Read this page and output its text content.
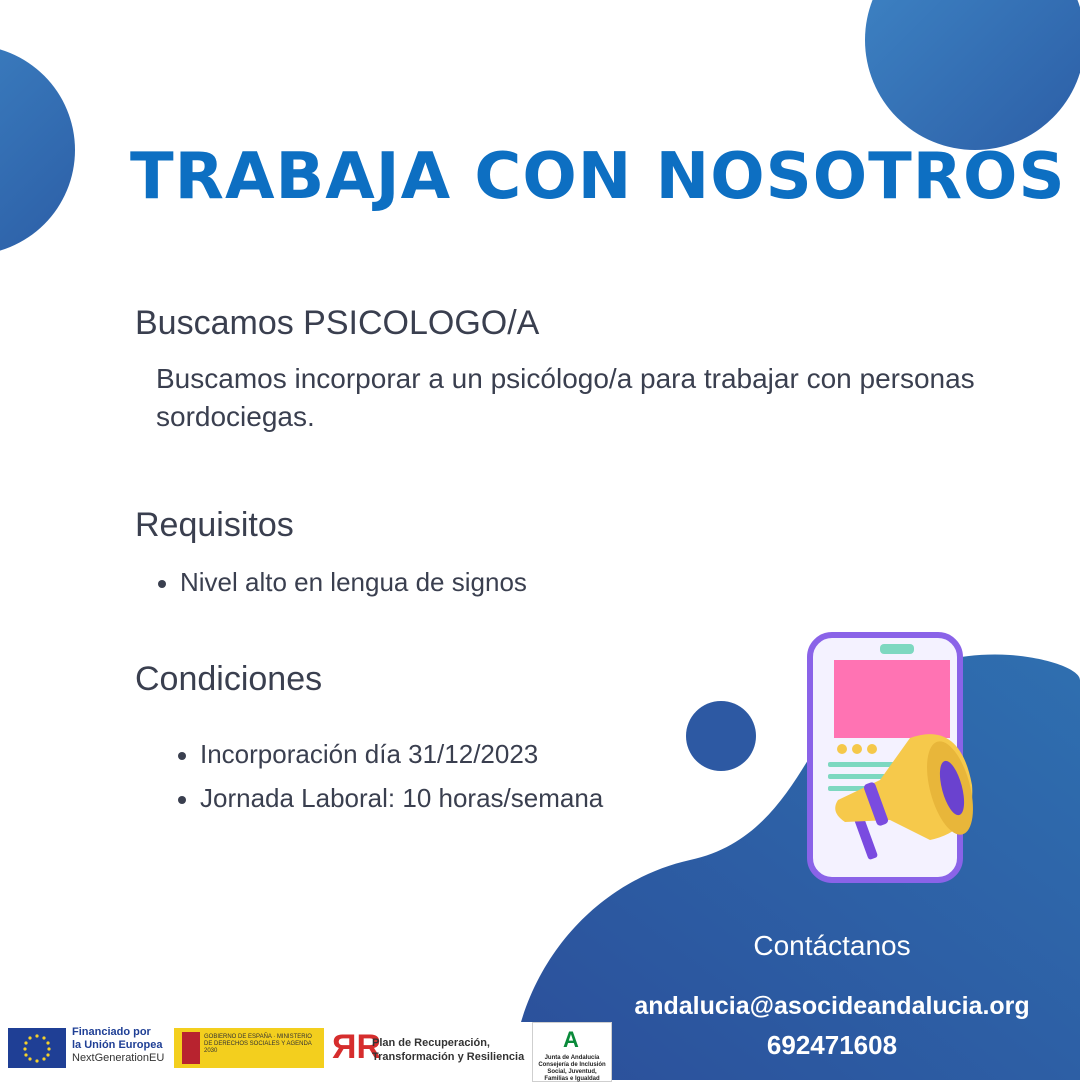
TRABAJA CON NOSOTROS
Buscamos PSICOLOGO/A
Buscamos incorporar a un psicólogo/a para trabajar con personas sordociegas.
Requisitos
Nivel alto en lengua de signos
Condiciones
Incorporación día 31/12/2023
Jornada Laboral: 10 horas/semana
Contáctanos
andalucia@asocideandalucia.org
692471608
Financiado por
la Unión Europea
NextGenerationEU
GOBIERNO DE ESPAÑA · MINISTERIO DE DERECHOS SOCIALES Y AGENDA 2030	ЯR
Plan de Recuperación,
Transformación y Resiliencia
A
Junta de Andalucía
Consejería de Inclusión Social, Juventud, Familias e Igualdad
